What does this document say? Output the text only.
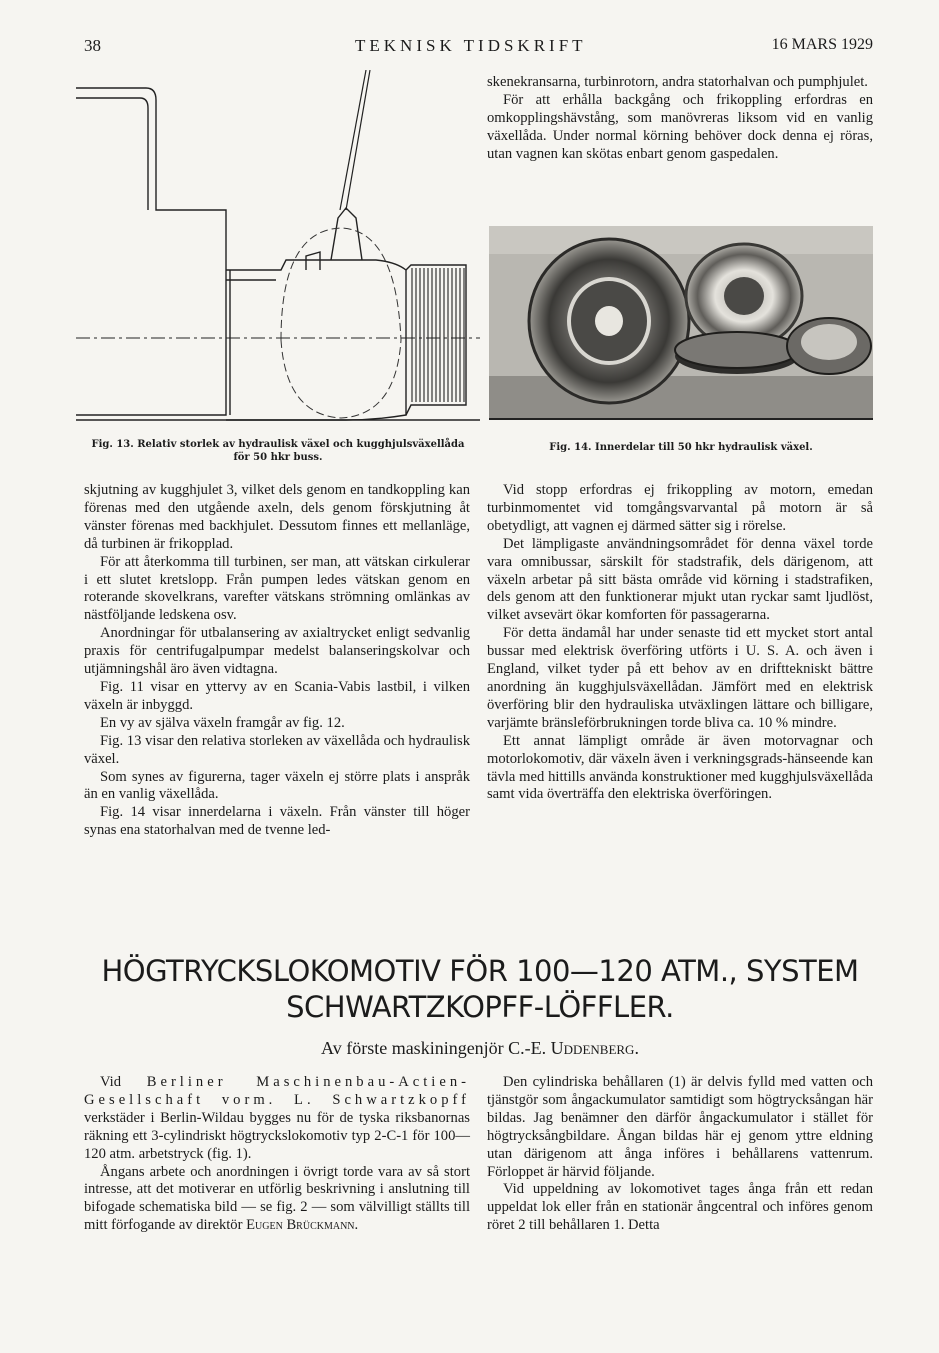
38	TEKNISK TIDSKRIFT	16 MARS 1929
Fig. 13. Relativ storlek av hydraulisk växel och kugghjulsväxellåda
för 50 hkr buss.

skenekransarna, turbinrotorn, andra statorhalvan och pumphjulet.

För att erhålla backgång och frikoppling erfordras en omkopplingshävstång, som manövreras liksom vid en vanlig växellåda. Under normal körning behöver dock denna ej röras, utan vagnen kan skötas enbart genom gaspedalen.

Fig. 14. Innerdelar till 50 hkr hydraulisk växel.

skjutning av kugghjulet 3, vilket dels genom en tandkoppling kan förenas med den utgående axeln, dels genom förskjutning åt vänster förenas med backhjulet. Dessutom finnes ett mellanläge, då turbinen är frikopplad.

För att återkomma till turbinen, ser man, att vätskan cirkulerar i ett slutet kretslopp. Från pumpen ledes vätskan genom en roterande skovelkrans, varefter vätskans strömning omlänkas av nästföljande ledskena osv.

Anordningar för utbalansering av axialtrycket enligt sedvanlig praxis för centrifugalpumpar medelst balanseringskolvar och utjämningshål äro även vidtagna.

Fig. 11 visar en yttervy av en Scania-Vabis lastbil, i vilken växeln är inbyggd.

En vy av själva växeln framgår av fig. 12.

Fig. 13 visar den relativa storleken av växellåda och hydraulisk växel.

Som synes av figurerna, tager växeln ej större plats i anspråk än en vanlig växellåda.

Fig. 14 visar innerdelarna i växeln. Från vänster till höger synas ena statorhalvan med de tvenne led-

Vid stopp erfordras ej frikoppling av motorn, emedan turbinmomentet vid tomgångsvarvantal på motorn är så obetydligt, att vagnen ej därmed sätter sig i rörelse.

Det lämpligaste användningsområdet för denna växel torde vara omnibussar, särskilt för stadstrafik, dels därigenom, att växeln arbetar på sitt bästa område vid körning i stadstrafiken, dels genom att den funktionerar mjukt utan ryckar samt ljudlöst, vilket avsevärt ökar komforten för passagerarna.

För detta ändamål har under senaste tid ett mycket stort antal bussar med elektrisk överföring utförts i U. S. A. och även i England, vilket tyder på ett behov av en drifttekniskt bättre anordning än kugghjulsväxellådan. Jämfört med en elektrisk överföring blir den hydrauliska utväxlingen lättare och billigare, varjämte bränsleförbrukningen torde bliva ca. 10 % mindre.

Ett annat lämpligt område är även motorvagnar och motorlokomotiv, där växeln även i verkningsgrads-hänseende kan tävla med hittills använda konstruktioner med kugghjulsväxellåda samt vida överträffa den elektriska överföringen.

HÖGTRYCKSLOKOMOTIV FÖR 100—120 ATM., SYSTEM
SCHWARTZKOPFF-LÖFFLER.
Av förste maskiningenjör C.-E. Uddenberg.

Vid Berliner Maschinenbau-Actien-Gesellschaft vorm. L. Schwartzkopff verkstäder i Berlin-Wildau bygges nu för de tyska riksbanornas räkning ett 3-cylindriskt högtryckslokomotiv typ 2-C-1 för 100—120 atm. arbetstryck (fig. 1).

Ångans arbete och anordningen i övrigt torde vara av så stort intresse, att det motiverar en utförlig beskrivning i anslutning till bifogade schematiska bild — se fig. 2 — som välvilligt ställts till mitt förfogande av direktör Eugen Brückmann.

Den cylindriska behållaren (1) är delvis fylld med vatten och tjänstgör som ångackumulator samtidigt som högtrycksångan här bildas. Jag benämner den därför ångackumulator i stället för högtrycksångbildare. Ångan bildas här ej genom yttre eldning utan därigenom att ånga införes i behållarens vattenrum. Förloppet är härvid följande.

Vid uppeldning av lokomotivet tages ånga från ett redan uppeldat lok eller från en stationär ångcentral och införes genom röret 2 till behållaren 1. Detta
